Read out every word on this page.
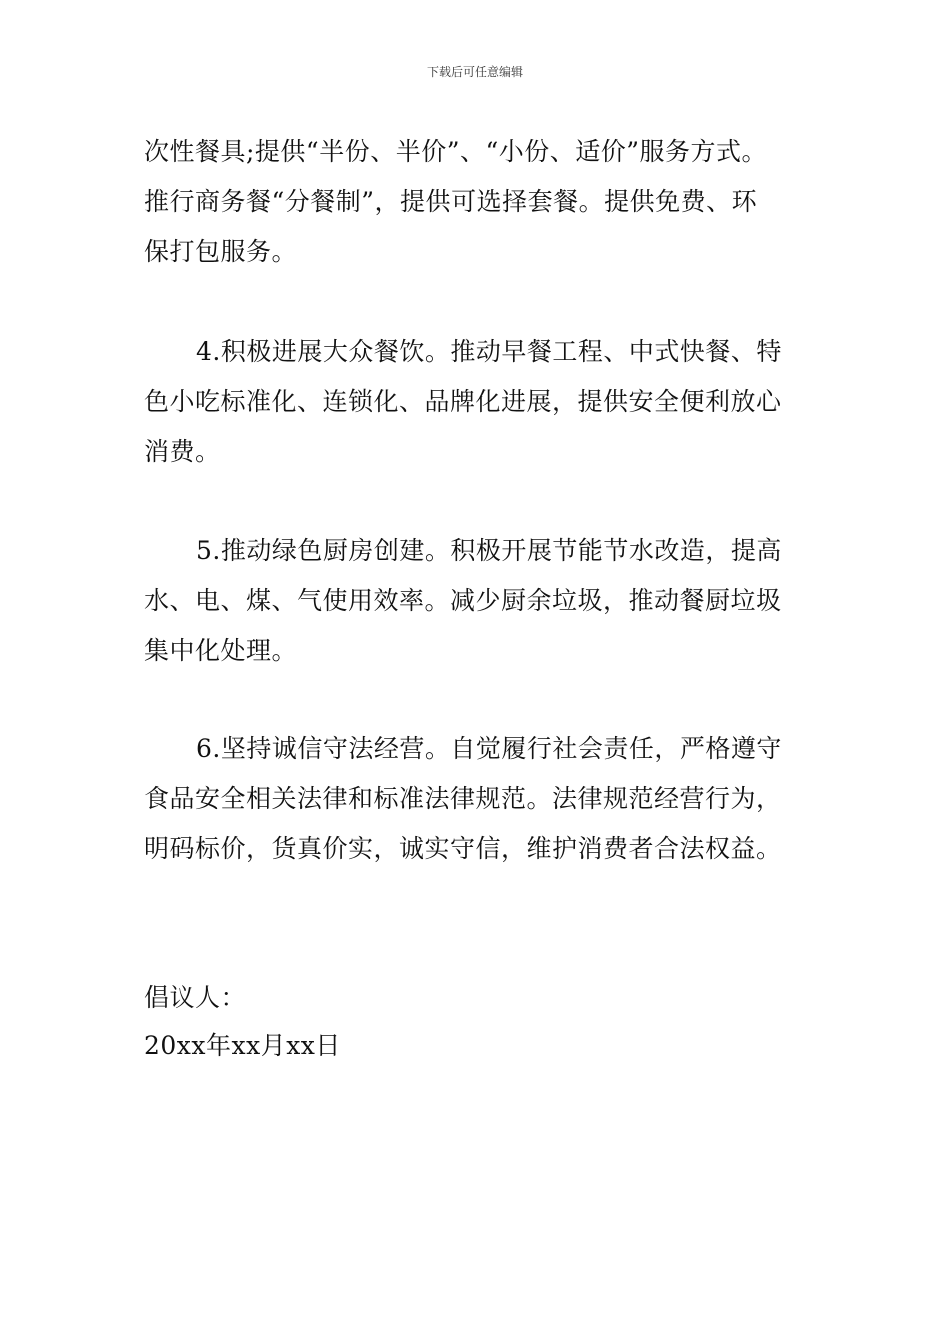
下载后可任意编辑
次性餐具;提供“半份、半价”、“小份、适价”服务方式。
推行商务餐“分餐制”，提供可选择套餐。提供免费、环
保打包服务。
4.积极进展大众餐饮。推动早餐工程、中式快餐、特
色小吃标准化、连锁化、品牌化进展，提供安全便利放心
消费。
5.推动绿色厨房创建。积极开展节能节水改造，提高
水、电、煤、气使用效率。减少厨余垃圾，推动餐厨垃圾
集中化处理。
6.坚持诚信守法经营。自觉履行社会责任，严格遵守
食品安全相关法律和标准法律规范。法律规范经营行为，
明码标价，货真价实，诚实守信，维护消费者合法权益。
倡议人：
20xx年xx月xx日
